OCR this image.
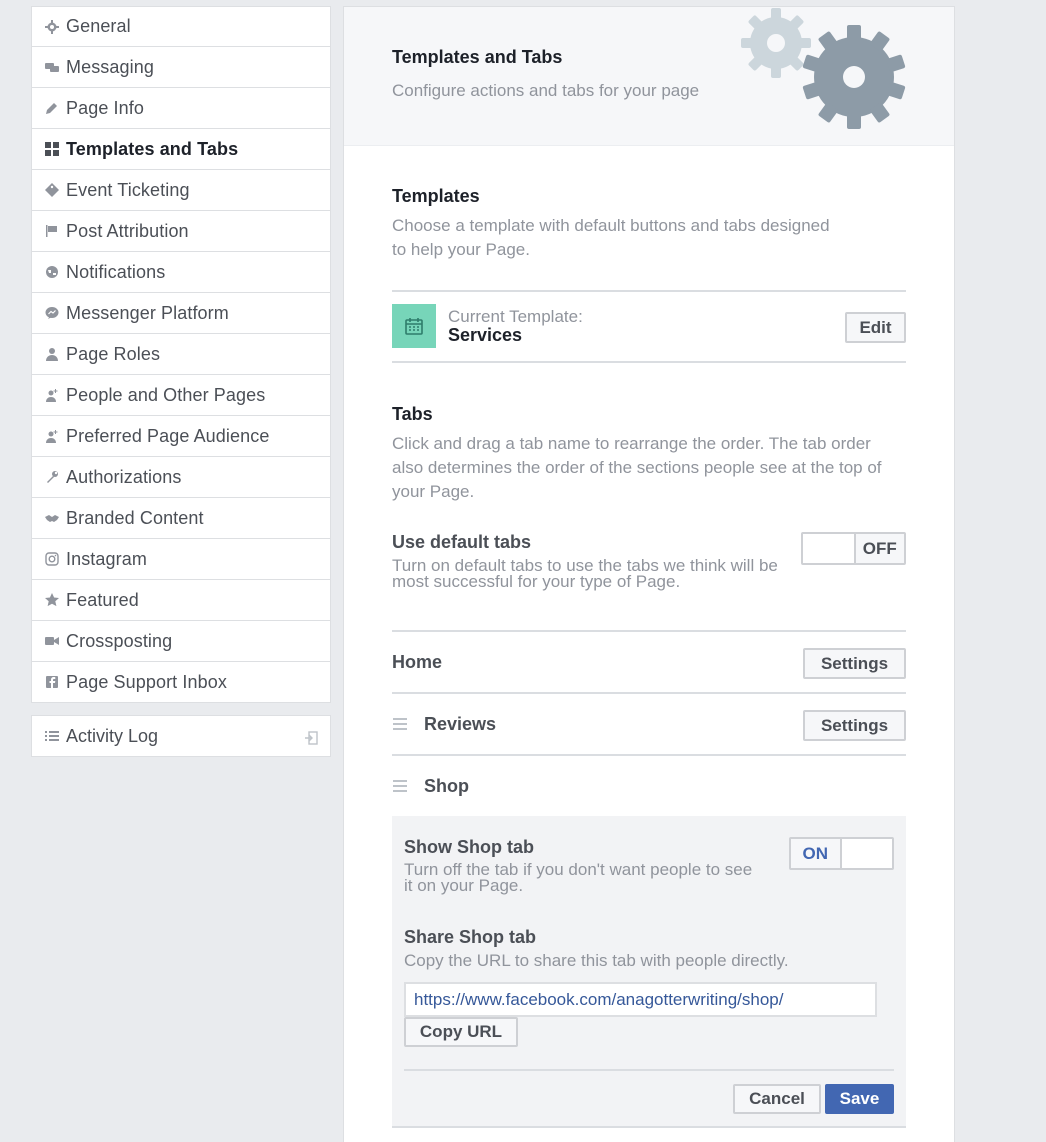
General
Messaging
Page Info
Templates and Tabs
Event Ticketing
Post Attribution
Notifications
Messenger Platform
Page Roles
People and Other Pages
Preferred Page Audience
Authorizations
Branded Content
Instagram
Featured
Crossposting
Page Support Inbox
Activity Log
Templates and Tabs
Configure actions and tabs for your page
Templates
Choose a template with default buttons and tabs designed to help your Page.
Current Template:
Services	Edit
Tabs
Click and drag a tab name to rearrange the order. The tab order also determines the order of the sections people see at the top of your Page.
Use default tabs
Turn on default tabs to use the tabs we think will be most successful for your type of Page.
OFF
Home	Settings
Reviews	Settings
Shop
Show Shop tab
Turn off the tab if you don't want people to see it on your Page.
ON
Share Shop tab
Copy the URL to share this tab with people directly.
https://www.facebook.com/anagotterwriting/shop/
Copy URL
Cancel	Save
